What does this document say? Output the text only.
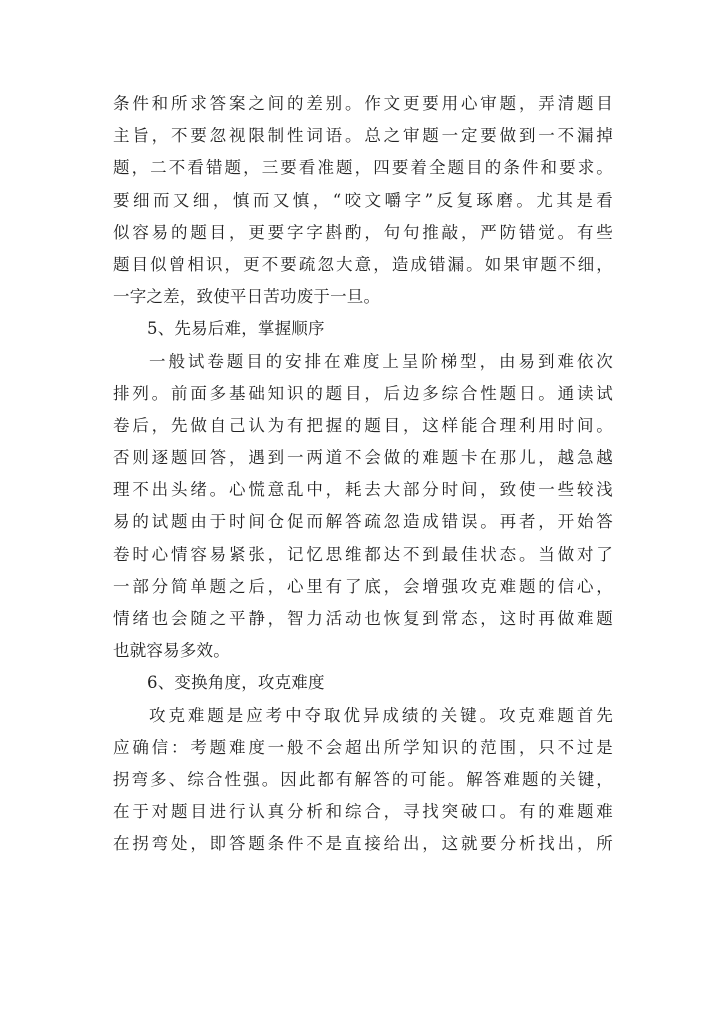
条件和所求答案之间的差别。作文更要用心审题，弄清题目
主旨，不要忽视限制性词语。总之审题一定要做到一不漏掉
题，二不看错题，三要看准题，四要着全题目的条件和要求。
要细而又细，慎而又慎，“咬文嚼字”反复琢磨。尤其是看
似容易的题目，更要字字斟酌，句句推敲，严防错觉。有些
题目似曾相识，更不要疏忽大意，造成错漏。如果审题不细，
一字之差，致使平日苦功废于一旦。
5、先易后难，掌握顺序
一般试卷题目的安排在难度上呈阶梯型，由易到难依次
排列。前面多基础知识的题目，后边多综合性题日。通读试
卷后，先做自己认为有把握的题目，这样能合理利用时间。
否则逐题回答，遇到一两道不会做的难题卡在那儿，越急越
理不出头绪。心慌意乱中，耗去大部分时间，致使一些较浅
易的试题由于时间仓促而解答疏忽造成错误。再者，开始答
卷时心情容易紧张，记忆思维都达不到最佳状态。当做对了
一部分简单题之后，心里有了底，会增强攻克难题的信心，
情绪也会随之平静，智力活动也恢复到常态，这时再做难题
也就容易多效。
6、变换角度，攻克难度
攻克难题是应考中夺取优异成绩的关键。攻克难题首先
应确信：考题难度一般不会超出所学知识的范围，只不过是
拐弯多、综合性强。因此都有解答的可能。解答难题的关键，
在于对题目进行认真分析和综合，寻找突破口。有的难题难
在拐弯处，即答题条件不是直接给出，这就要分析找出，所
